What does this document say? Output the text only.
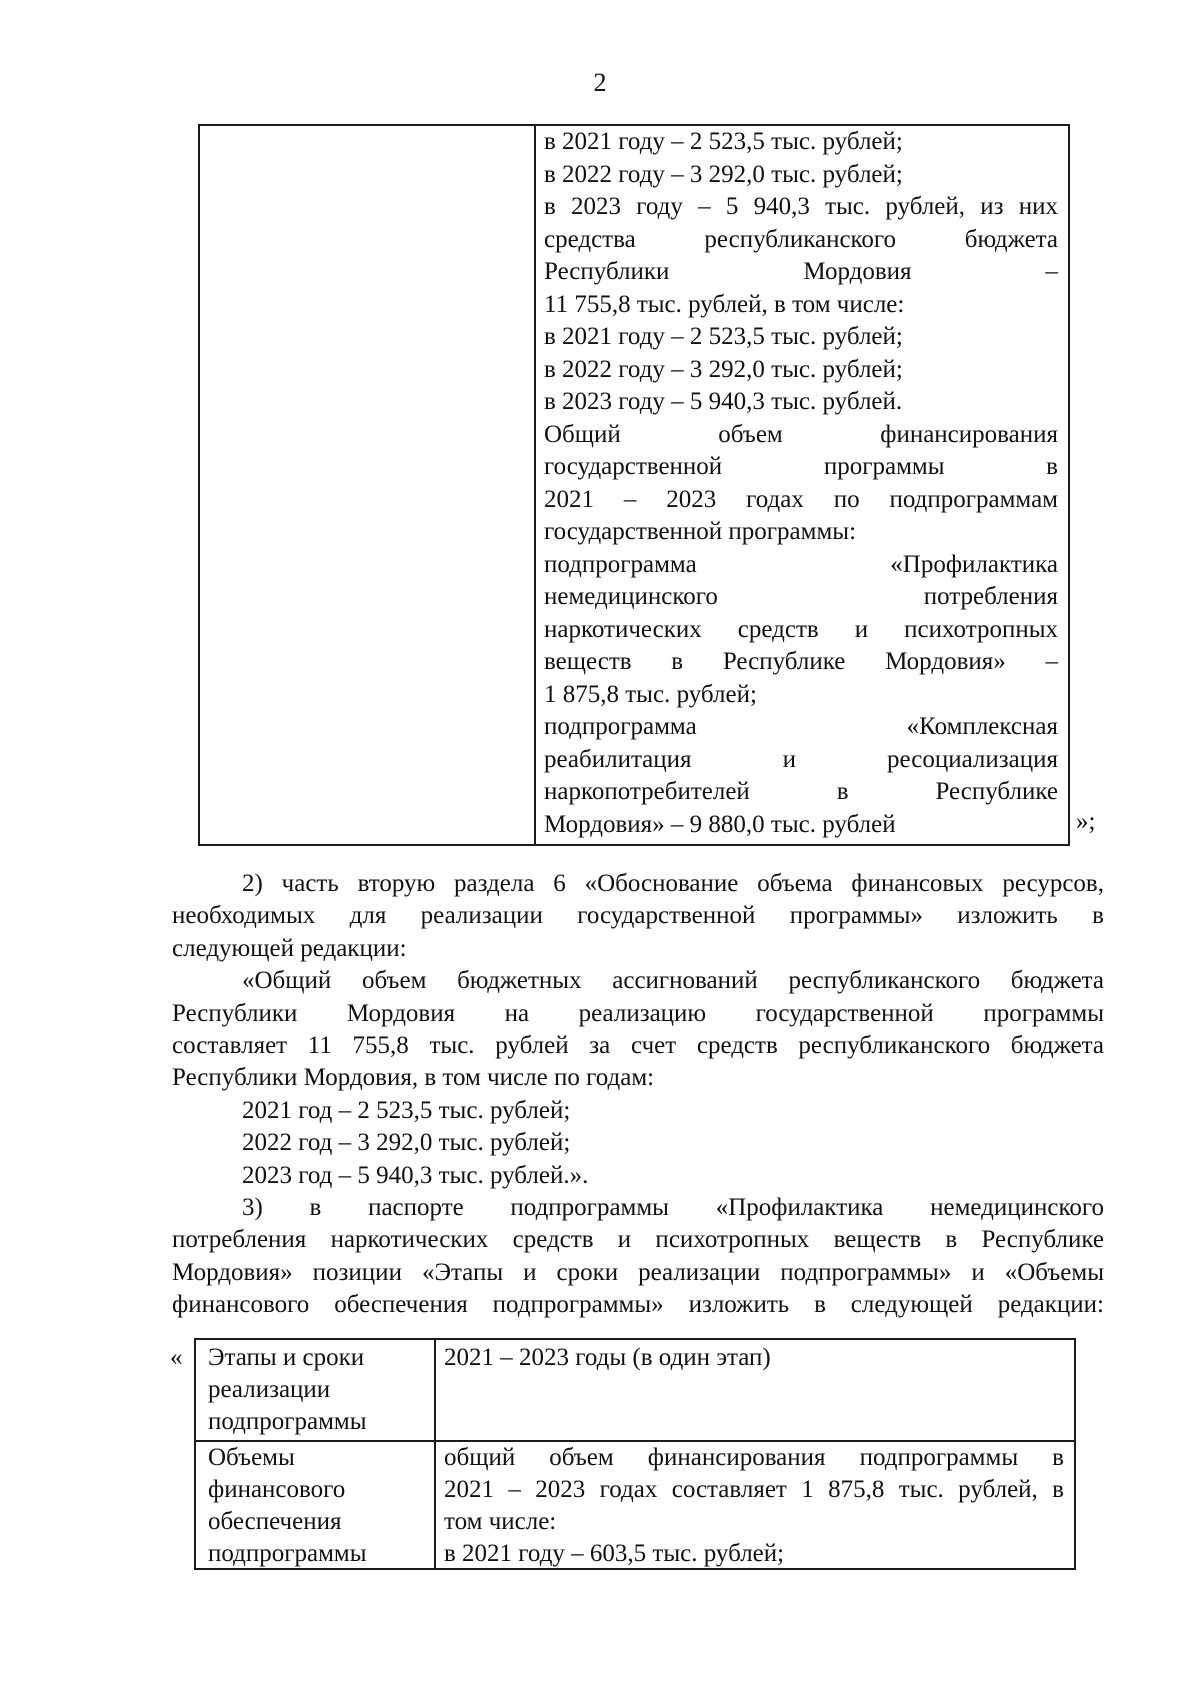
2
в 2021 году – 2 523,5 тыс. рублей;
в 2022 году – 3 292,0 тыс. рублей;
в 2023 году – 5 940,3 тыс. рублей, из них
средства республиканского бюджета
Республики Мордовия –
11 755,8 тыс. рублей, в том числе:
в 2021 году – 2 523,5 тыс. рублей;
в 2022 году – 3 292,0 тыс. рублей;
в 2023 году – 5 940,3 тыс. рублей.
Общий объем финансирования
государственной программы в
2021 – 2023 годах по подпрограммам
государственной программы:
подпрограмма «Профилактика
немедицинского потребления
наркотических средств и психотропных
веществ в Республике Мордовия» –
1 875,8 тыс. рублей;
подпрограмма «Комплексная
реабилитация и ресоциализация
наркопотребителей в Республике
Мордовия» – 9 880,0 тыс. рублей	»;
2) часть вторую раздела 6 «Обоснование объема финансовых ресурсов,
необходимых для реализации государственной программы» изложить в
следующей редакции:
«Общий объем бюджетных ассигнований республиканского бюджета
Республики Мордовия на реализацию государственной программы
составляет 11 755,8 тыс. рублей за счет средств республиканского бюджета
Республики Мордовия, в том числе по годам:
2021 год – 2 523,5 тыс. рублей;
2022 год – 3 292,0 тыс. рублей;
2023 год – 5 940,3 тыс. рублей.».
3) в паспорте подпрограммы «Профилактика немедицинского
потребления наркотических средств и психотропных веществ в Республике
Мордовия» позиции «Этапы и сроки реализации подпрограммы» и «Объемы
финансового обеспечения подпрограммы» изложить в следующей редакции:
« Этапы и сроки
реализации
подпрограммы
2021 – 2023 годы (в один этап)
Объемы
финансового
обеспечения
подпрограммы
общий объем финансирования подпрограммы в
2021 – 2023 годах составляет 1 875,8 тыс. рублей, в
том числе:
в 2021 году – 603,5 тыс. рублей;
